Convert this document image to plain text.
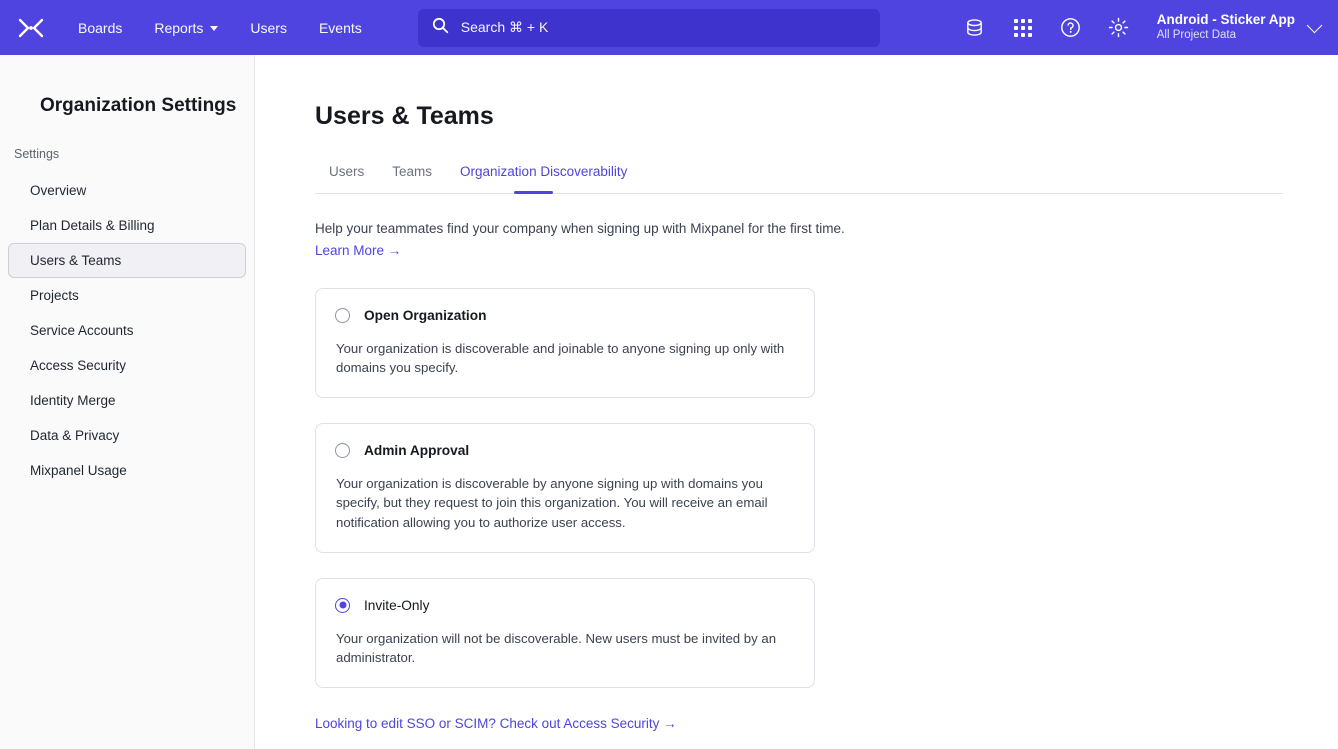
Boards Reports	Users Events	Search ⌘ + K	Android - Sticker App
All Project Data
Organization Settings
Settings
Overview
Plan Details & Billing
Users & Teams
Projects
Service Accounts
Access Security
Identity Merge
Data & Privacy
Mixpanel Usage
Users & Teams
Users	Teams	Organization Discoverability
Help your teammates find your company when signing up with Mixpanel for the first time.
Learn More →
Open Organization
Your organization is discoverable and joinable to anyone signing up only with domains you specify.
Admin Approval
Your organization is discoverable by anyone signing up with domains you specify, but they request to join this organization. You will receive an email notification allowing you to authorize user access.
Invite-Only
Your organization will not be discoverable. New users must be invited by an administrator.
Looking to edit SSO or SCIM? Check out Access Security →
